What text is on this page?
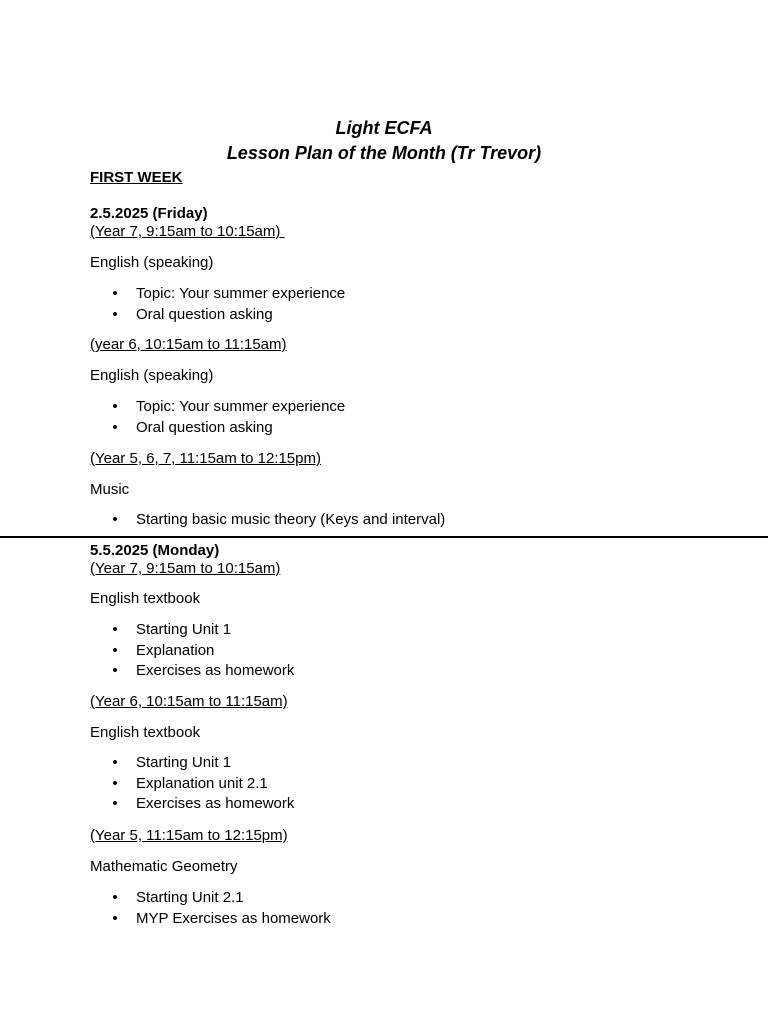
Light ECFA
Lesson Plan of the Month (Tr Trevor)
FIRST WEEK
2.5.2025 (Friday)
(Year 7, 9:15am to 10:15am)
English (speaking)
• Topic: Your summer experience
• Oral question asking
(year 6, 10:15am to 11:15am)
English (speaking)
• Topic: Your summer experience
• Oral question asking
(Year 5, 6, 7, 11:15am to 12:15pm)
Music
• Starting basic music theory (Keys and interval)
5.5.2025 (Monday)
(Year 7, 9:15am to 10:15am)
English textbook
• Starting Unit 1
• Explanation
• Exercises as homework
(Year 6, 10:15am to 11:15am)
English textbook
• Starting Unit 1
• Explanation unit 2.1
• Exercises as homework
(Year 5, 11:15am to 12:15pm)
Mathematic Geometry
• Starting Unit 2.1
• MYP Exercises as homework
